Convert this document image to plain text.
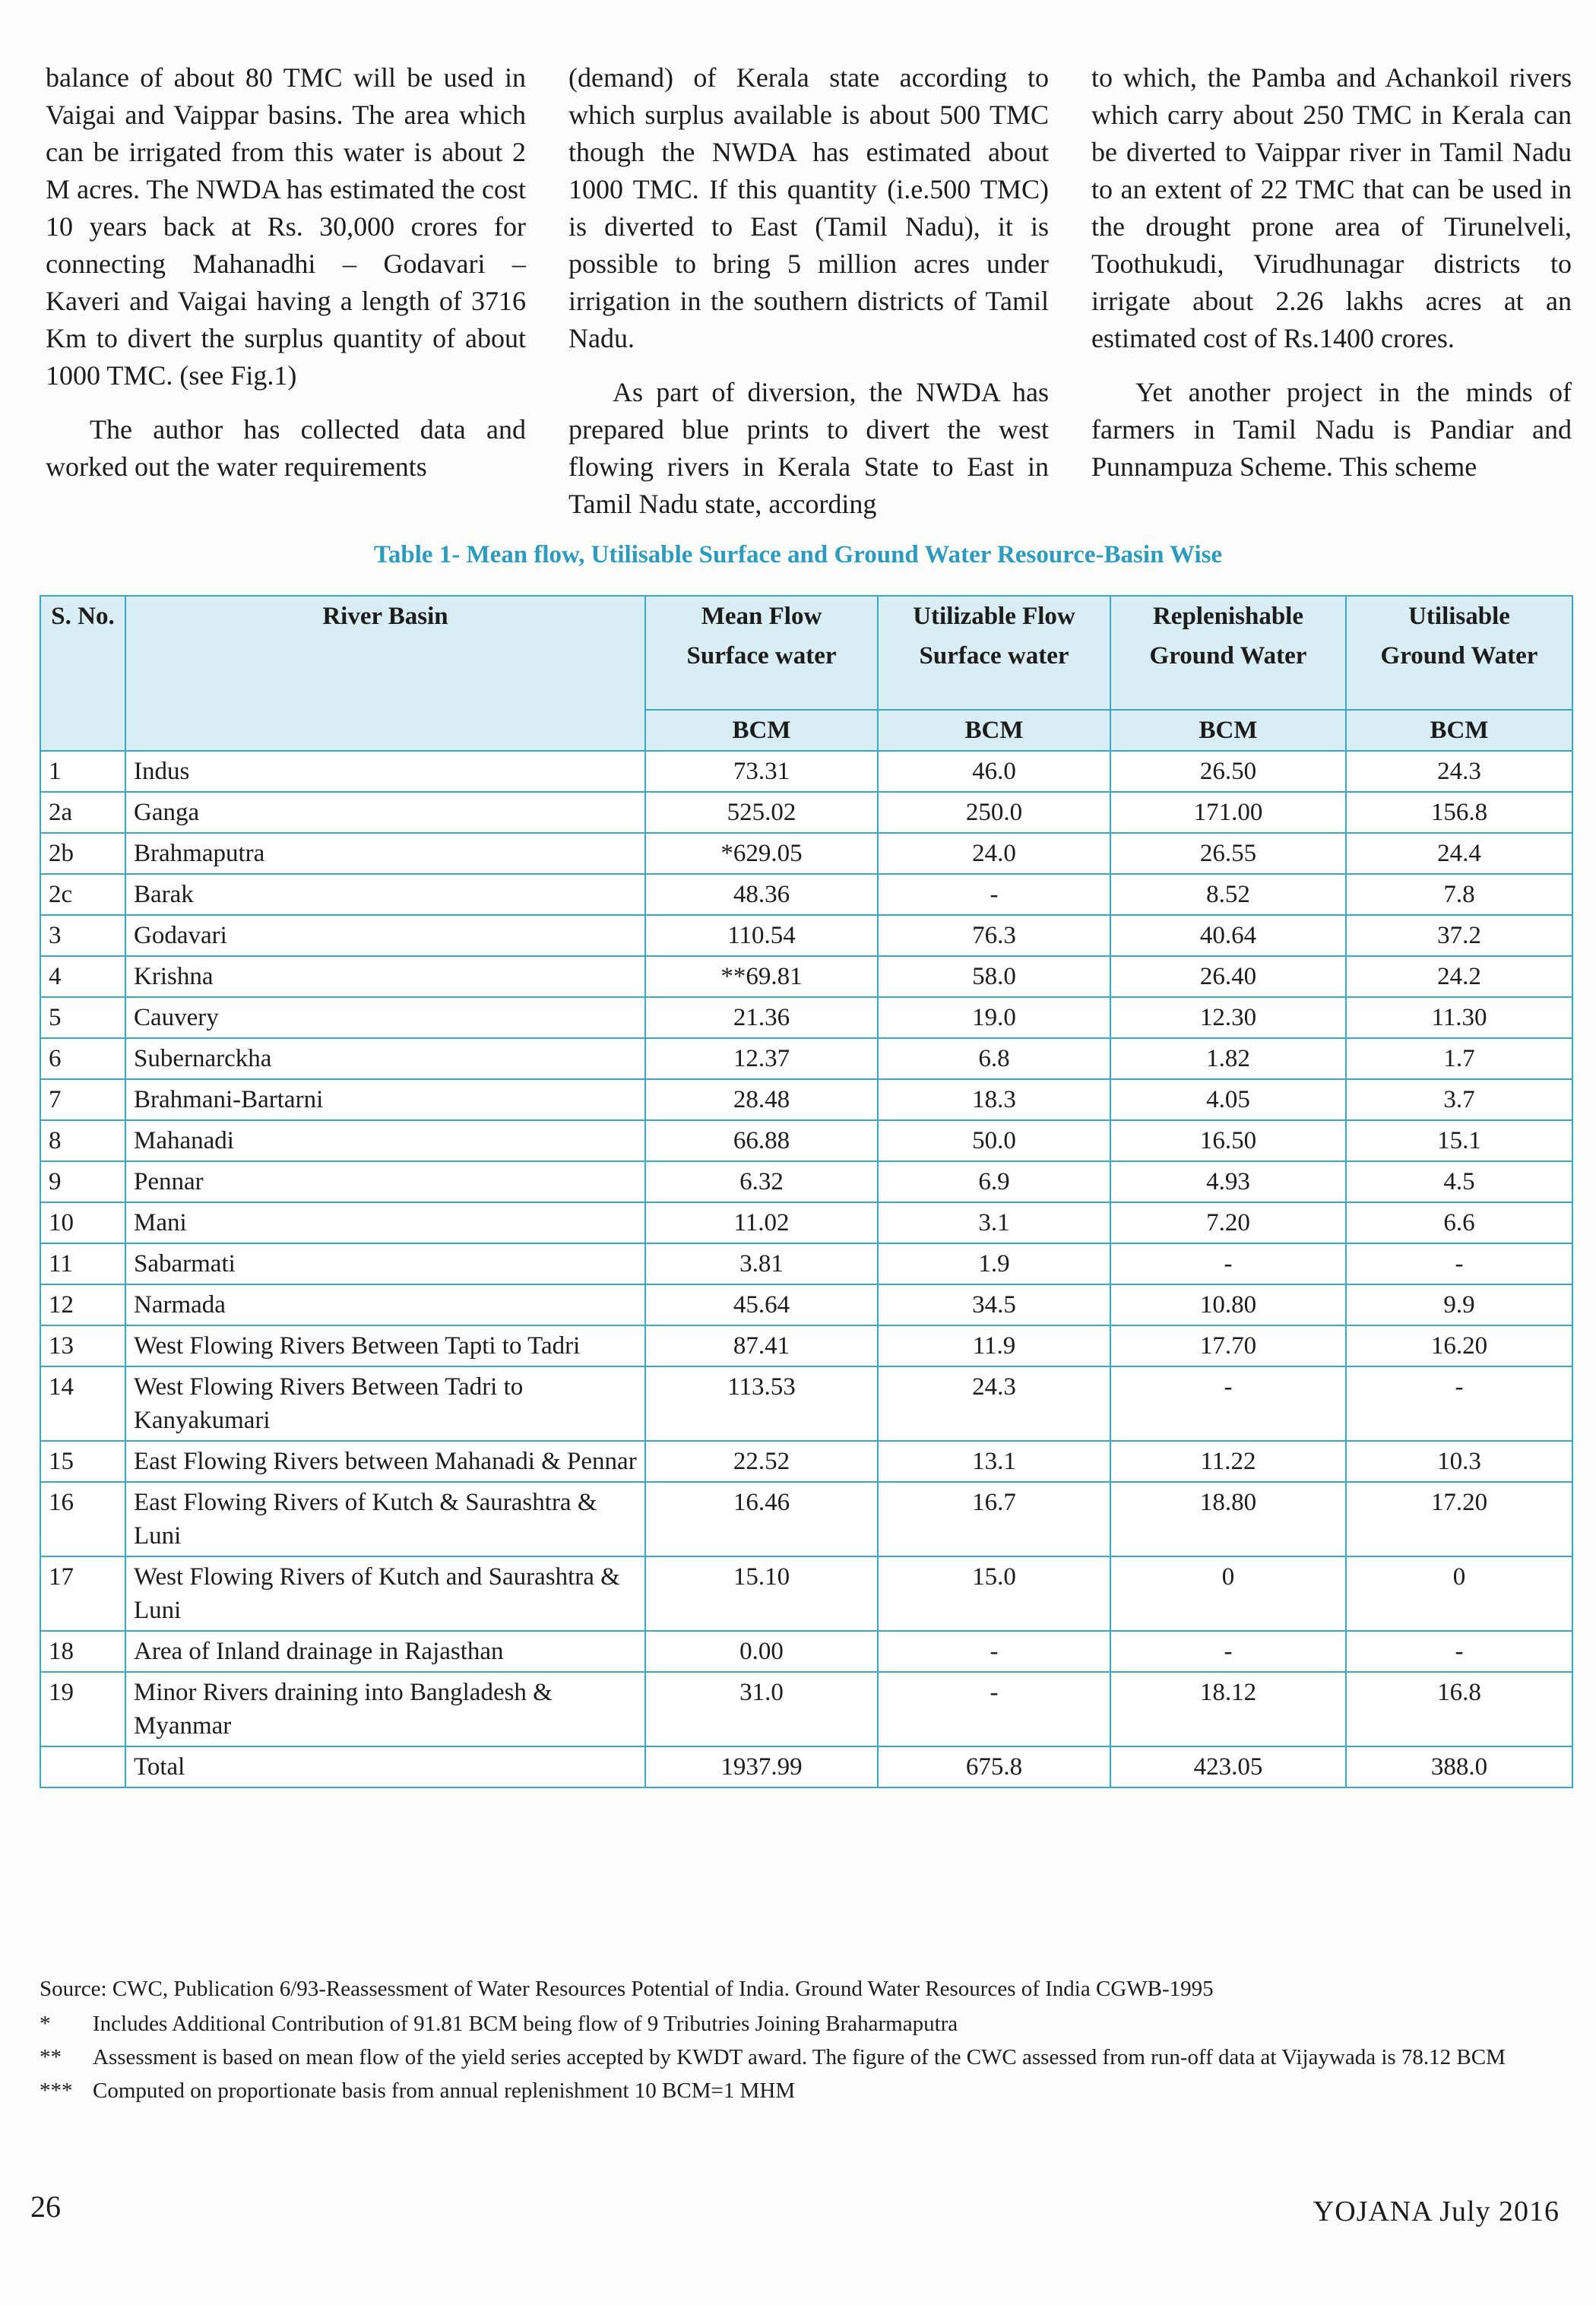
balance of about 80 TMC will be used in Vaigai and Vaippar basins. The area which can be irrigated from this water is about 2 M acres. The NWDA has estimated the cost 10 years back at Rs. 30,000 crores for connecting Mahanadhi – Godavari – Kaveri and Vaigai having a length of 3716 Km to divert the surplus quantity of about 1000 TMC. (see Fig.1)

The author has collected data and worked out the water requirements

(demand) of Kerala state according to which surplus available is about 500 TMC though the NWDA has estimated about 1000 TMC. If this quantity (i.e.500 TMC) is diverted to East (Tamil Nadu), it is possible to bring 5 million acres under irrigation in the southern districts of Tamil Nadu.

As part of diversion, the NWDA has prepared blue prints to divert the west flowing rivers in Kerala State to East in Tamil Nadu state, according

to which, the Pamba and Achankoil rivers which carry about 250 TMC in Kerala can be diverted to Vaippar river in Tamil Nadu to an extent of 22 TMC that can be used in the drought prone area of Tirunelveli, Toothukudi, Virudhunagar districts to irrigate about 2.26 lakhs acres at an estimated cost of Rs.1400 crores.

Yet another project in the minds of farmers in Tamil Nadu is Pandiar and Punnampuza Scheme. This scheme

Table 1- Mean flow, Utilisable Surface and Ground Water Resource-Basin Wise
S. No.	River Basin	Mean Flow	Utilizable Flow	Replenishable	Utilisable
		Surface water	Surface water	Ground Water	Ground Water
		BCM	BCM	BCM	BCM
1	Indus	73.31	46.0	26.50	24.3
2a	Ganga	525.02	250.0	171.00	156.8
2b	Brahmaputra	*629.05	24.0	26.55	24.4
2c	Barak	48.36	-	8.52	7.8
3	Godavari	110.54	76.3	40.64	37.2
4	Krishna	**69.81	58.0	26.40	24.2
5	Cauvery	21.36	19.0	12.30	11.30
6	Subernarckha	12.37	6.8	1.82	1.7
7	Brahmani-Bartarni	28.48	18.3	4.05	3.7
8	Mahanadi	66.88	50.0	16.50	15.1
9	Pennar	6.32	6.9	4.93	4.5
10	Mani	11.02	3.1	7.20	6.6
11	Sabarmati	3.81	1.9	-	-
12	Narmada	45.64	34.5	10.80	9.9
13	West Flowing Rivers Between Tapti to Tadri	87.41	11.9	17.70	16.20
14	West Flowing Rivers Between Tadri to Kanyakumari	113.53	24.3	-	-
15	East Flowing Rivers between Mahanadi & Pennar	22.52	13.1	11.22	10.3
16	East Flowing Rivers of Kutch & Saurashtra & Luni	16.46	16.7	18.80	17.20
17	West Flowing Rivers of Kutch and Saurashtra & Luni	15.10	15.0	0	0
18	Area of Inland drainage in Rajasthan	0.00	-	-	-
19	Minor Rivers draining into Bangladesh & Myanmar	31.0	-	18.12	16.8
	Total	1937.99	675.8	423.05	388.0
Source: CWC, Publication 6/93-Reassessment of Water Resources Potential of India. Ground Water Resources of India CGWB-1995
*	Includes Additional Contribution of 91.81 BCM being flow of 9 Tributries Joining Braharmaputra
**	Assessment is based on mean flow of the yield series accepted by KWDT award. The figure of the CWC assessed from run-off data at Vijaywada is 78.12 BCM
*** Computed on proportionate basis from annual replenishment 10 BCM=1 MHM
26	YOJANA July 2016
